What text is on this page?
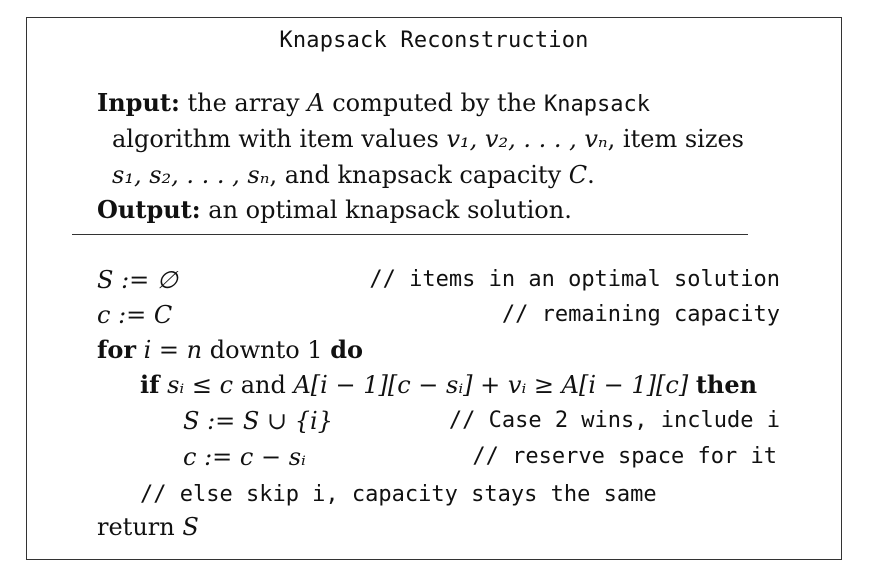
Knapsack Reconstruction
Input: the array A computed by the Knapsack
algorithm with item values v₁, v₂, . . . , vₙ, item sizes
s₁, s₂, . . . , sₙ, and knapsack capacity C.
Output: an optimal knapsack solution.
S := ∅	// items in an optimal solution
c := C	// remaining capacity
for i = n downto 1 do
if sᵢ ≤ c and A[i − 1][c − sᵢ] + vᵢ ≥ A[i − 1][c] then
S := S ∪ {i}	// Case 2 wins, include i
c := c − sᵢ	// reserve space for it
// else skip i, capacity stays the same
return S
